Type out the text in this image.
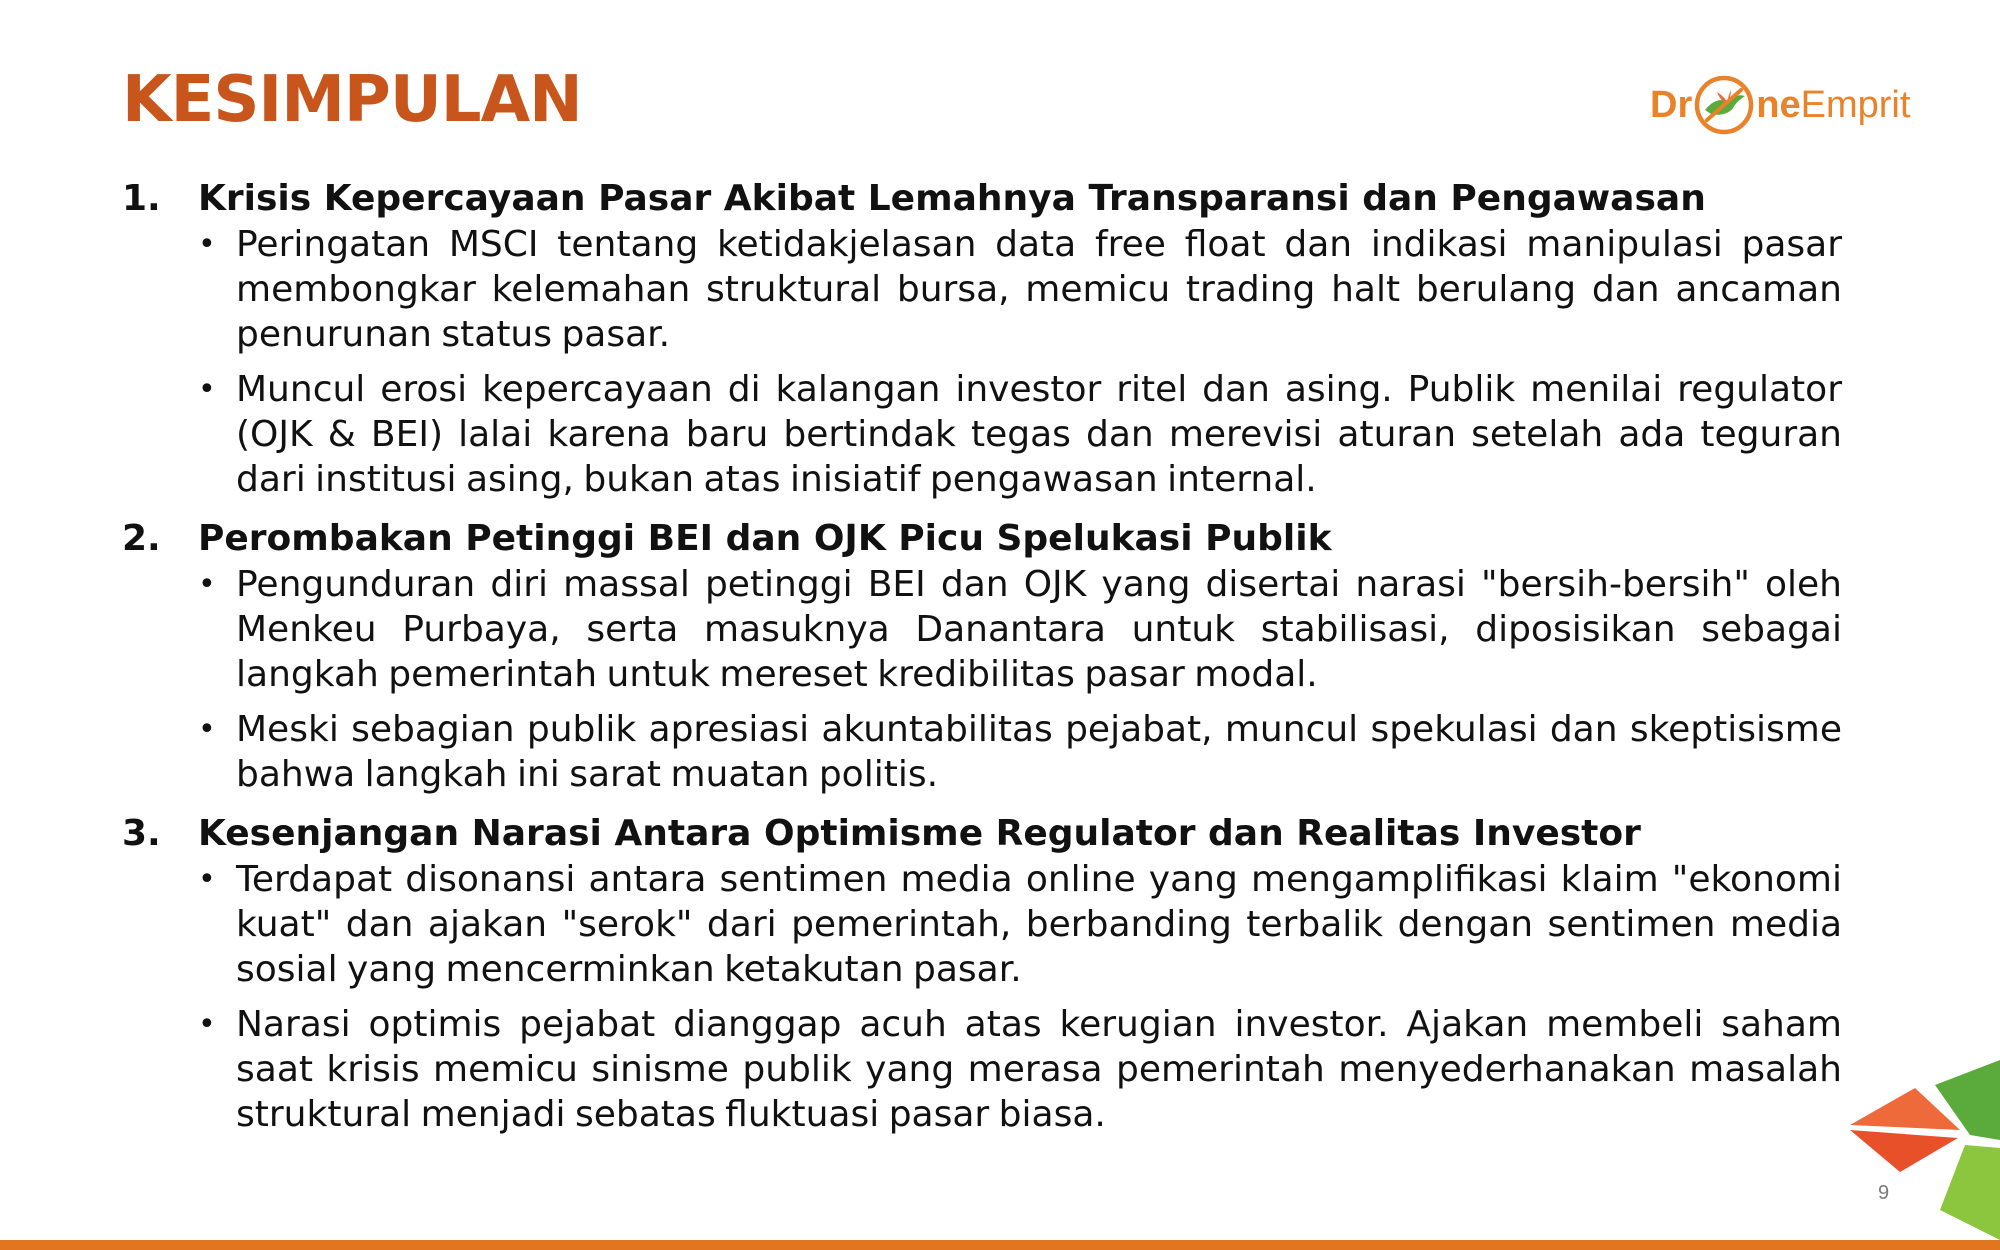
KESIMPULAN	Dr ne Emprit
1.	Krisis Kepercayaan Pasar Akibat Lemahnya Transparansi dan Pengawasan
• Peringatan MSCI tentang ketidakjelasan data free float dan indikasi manipulasi pasar membongkar kelemahan struktural bursa, memicu trading halt berulang dan ancaman penurunan status pasar.
• Muncul erosi kepercayaan di kalangan investor ritel dan asing. Publik menilai regulator (OJK & BEI) lalai karena baru bertindak tegas dan merevisi aturan setelah ada teguran dari institusi asing, bukan atas inisiatif pengawasan internal.
2.	Perombakan Petinggi BEI dan OJK Picu Spelukasi Publik
• Pengunduran diri massal petinggi BEI dan OJK yang disertai narasi "bersih-bersih" oleh Menkeu Purbaya, serta masuknya Danantara untuk stabilisasi, diposisikan sebagai langkah pemerintah untuk mereset kredibilitas pasar modal.
• Meski sebagian publik apresiasi akuntabilitas pejabat, muncul spekulasi dan skeptisisme bahwa langkah ini sarat muatan politis.
3.	Kesenjangan Narasi Antara Optimisme Regulator dan Realitas Investor
• Terdapat disonansi antara sentimen media online yang mengamplifikasi klaim "ekonomi kuat" dan ajakan "serok" dari pemerintah, berbanding terbalik dengan sentimen media sosial yang mencerminkan ketakutan pasar.
• Narasi optimis pejabat dianggap acuh atas kerugian investor. Ajakan membeli saham saat krisis memicu sinisme publik yang merasa pemerintah menyederhanakan masalah struktural menjadi sebatas fluktuasi pasar biasa.
9
